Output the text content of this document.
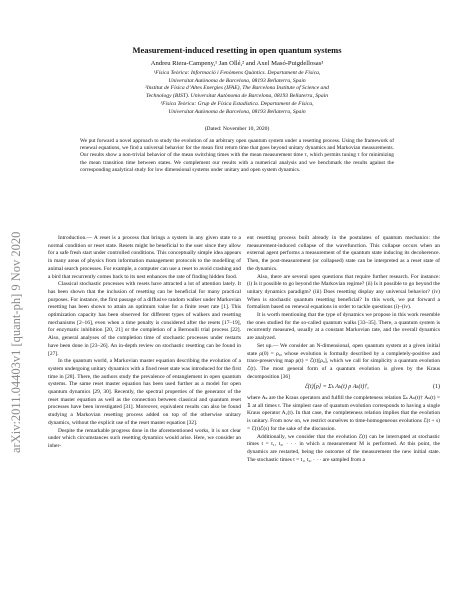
arXiv:2011.04403v1 [quant-ph] 9 Nov 2020
Measurement-induced resetting in open quantum systems
Andreu Riera-Campeny,¹ Jan Ollé,² and Axel Masó-Puigdellosas³
¹Física Teòrica: Informació i Fenòmens Quàntics. Departament de Física,
Universitat Autònoma de Barcelona, 08193 Bellaterra, Spain
²Institut de Física d’Altes Energies (IFAE), The Barcelona Institute of Science and
Technology (BIST). Universitat Autònoma de Barcelona, 08193 Bellaterra, Spain
³Física Teòrica: Grup de Física Estadística. Departament de Física,
Universitat Autònoma de Barcelona, 08193 Bellaterra, Spain
(Dated: November 10, 2020)
We put forward a novel approach to study the evolution of an arbitrary open quantum system under a resetting process. Using the framework of renewal equations, we find a universal behavior for the mean first return time that goes beyond unitary dynamics and Markovian measurements. Our results show a non-trivial behavior of the mean switching times with the mean measurement time τ, which permits tuning τ for minimizing the mean transition time between states. We complement our results with a numerical analysis and we benchmark the results against the corresponding analytical study for low dimensional systems under unitary and open system dynamics.

Introduction.— A reset is a process that brings a system in any given state to a normal condition or reset state. Resets might be beneficial to the user since they allow for a safe fresh start under controlled conditions. This conceptually simple idea appears in many areas of physics from information management protocols to the modelling of animal search processes. For example, a computer can use a reset to avoid crashing and a bird that recurrently comes back to its nest enhances the rate of finding hidden food.

Classical stochastic processes with resets have attracted a lot of attention lately. It has been shown that the inclusion of resetting can be beneficial for many practical purposes. For instance, the first passage of a diffusive random walker under Markovian resetting has been shown to attain an optimum value for a finite reset rate [1]. This optimization capacity has been observed for different types of walkers and resetting mechanisms [2–16], even when a time penalty is considered after the resets [17–19], for enzymatic inhibition [20, 21] or the completion of a Bernoulli trial process [22]. Also, general analyses of the completion time of stochastic processes under restarts have been done in [23–26]. An in-depth review on stochastic resetting can be found in [27].

In the quantum world, a Markovian master equation describing the evolution of a system undergoing unitary dynamics with a fixed reset state was introduced for the first time in [28]. There, the authors study the prevalence of entanglement in open quantum systems. The same reset master equation has been used further as a model for open quantum dynamics [29, 30]. Recently, the spectral properties of the generator of the reset master equation as well as the connection between classical and quantum reset processes have been investigated [31]. Moreover, equivalent results can also be found studying a Markovian resetting process added on top of the otherwise unitary dynamics, without the explicit use of the reset master equation [32].

Despite the remarkable progress done in the aforementioned works, it is not clear under which circumstances such resetting dynamics would arise. Here, we consider an inher-

ent resetting process built already in the postulates of quantum mechanics: the measurement-induced collapse of the wavefunction. This collapse occurs when an external agent performs a measurement of the quantum state inducing its decoherence. Then, the post-measurement (or collapsed) state can be interpreted as a reset state of the dynamics.

Also, there are several open questions that require further research. For instance: (i) Is it possible to go beyond the Markovian regime? (ii) Is it possible to go beyond the unitary dynamics paradigm? (iii) Does resetting display any universal behavior? (iv) When is stochastic quantum resetting beneficial? In this work, we put forward a formalism based on renewal equations in order to tackle questions (i)–(iv).

It is worth mentioning that the type of dynamics we propose in this work resemble the ones studied for the so-called quantum walks [33–35]. There, a quantum system is recurrently measured, usually at a constant Markovian rate, and the overall dynamics are analyzed.

Set up.— We consider an N-dimensional, open quantum system at a given initial state ρ(0) = ρ₀, whose evolution is formally described by a completely-positive and trace-preserving map ρ(t) = ℰ(t)[ρ₀], which we call for simplicity a quantum evolution ℰ(t). The most general form of a quantum evolution is given by the Kraus decomposition [36]

ℰ(t)[ρ] = Σₖ Aₖ(t) ρ Aₖ(t)†,	(1)

where Aₖ are the Kraus operators and fulfill the completeness relation Σₖ Aₖ(t)† Aₖ(t) = 𝟙 at all times t. The simplest case of quantum evolution corresponds to having a single Kraus operator A₁(t). In that case, the completeness relation implies that the evolution is unitary. From now on, we restrict ourselves to time-homogeneous evolutions ℰ(t + s) = ℰ(t)ℰ(s) for the sake of the discussion.

Additionally, we consider that the evolution ℰ(t) can be interrupted at stochastic times t = t₁, t₂, · · · in which a measurement M is performed. At this point, the dynamics are restarted, being the outcome of the measurement the new initial state. The stochastic times t = t₁, t₂, · · · are sampled from a
